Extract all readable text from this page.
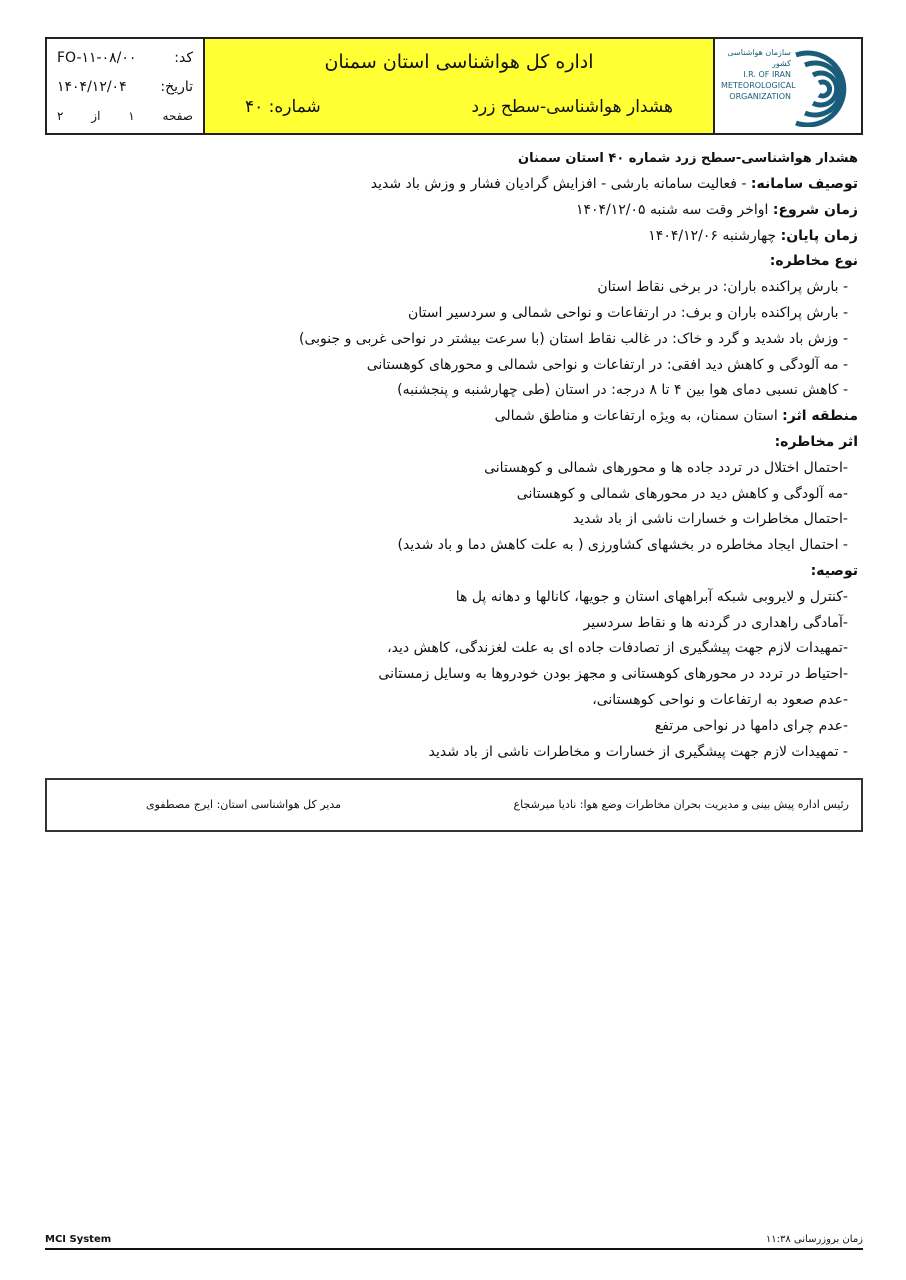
کد:
FO-۱۱-۰۸/۰۰
تاریخ:
۱۴۰۴/۱۲/۰۴
صفحه
۱
از
۲
اداره کل هواشناسی استان سمنان
هشدار هواشناسی-سطح زرد
شماره: ۴۰
سازمان هواشناسی کشور
I.R. OF IRAN
METEOROLOGICAL
ORGANIZATION
هشدار هواشناسی-سطح زرد شماره ۴۰ استان سمنان
توصیف سامانه: - فعالیت سامانه بارشی - افزایش گرادیان فشار و وزش باد شدید
زمان شروع: اواخر وقت سه شنبه ۱۴۰۴/۱۲/۰۵
زمان پایان: چهارشنبه ۱۴۰۴/۱۲/۰۶
نوع مخاطره:
- بارش پراکنده باران: در برخی نقاط استان
- بارش پراکنده باران و برف: در ارتفاعات و نواحی شمالی و سردسیر استان
- وزش باد شدید و گرد و خاک: در غالب نقاط استان (با سرعت بیشتر در نواحی غربی و جنوبی)
- مه آلودگی و کاهش دید افقی: در ارتفاعات و نواحی شمالی و محورهای کوهستانی
- کاهش نسبی دمای هوا بین ۴ تا ۸ درجه: در استان (طی چهارشنبه و پنجشنبه)
منطقه اثر: استان سمنان، به ویژه ارتفاعات و مناطق شمالی
اثر مخاطره:
-احتمال اختلال در تردد جاده ها و محورهای شمالی و کوهستانی
-مه آلودگی و کاهش دید در محورهای شمالی و کوهستانی
-احتمال مخاطرات و خسارات ناشی از باد شدید
- احتمال ایجاد مخاطره در بخشهای کشاورزی ( به علت کاهش دما و باد شدید)
توصیه:
-کنترل و لایروبی شبکه آبراههای استان و جویها، کانالها و دهانه پل ها
-آمادگی راهداری در گردنه ها و نقاط سردسیر
-تمهیدات لازم جهت پیشگیری از تصادفات جاده ای به علت لغزندگی، کاهش دید،
-احتیاط در تردد در محورهای کوهستانی و مجهز بودن خودروها به وسایل زمستانی
-عدم صعود به ارتفاعات و نواحی کوهستانی،
-عدم چرای دامها در نواحی مرتفع
- تمهیدات لازم جهت پیشگیری از خسارات و مخاطرات ناشی از باد شدید
رئیس اداره پیش بینی و مدیریت بحران مخاطرات وضع هوا: نادیا میرشجاع
مدیر کل هواشناسی استان: ایرج مصطفوی
MCI System	زمان بروزرسانی ۱۱:۳۸
